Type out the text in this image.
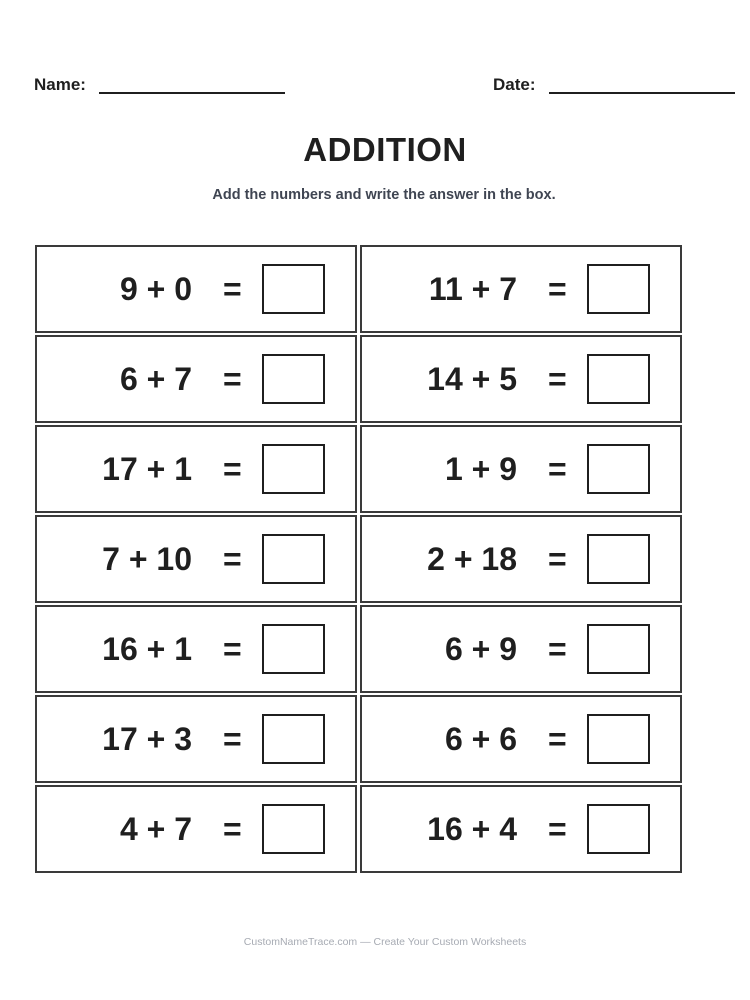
Name:	Date:
ADDITION
Add the numbers and write the answer in the box.
9 + 0 =	11 + 7 =
6 + 7 =	14 + 5 =
17 + 1 =	1 + 9 =
7 + 10 =	2 + 18 =
16 + 1 =	6 + 9 =
17 + 3 =	6 + 6 =
4 + 7 =	16 + 4 =
CustomNameTrace.com — Create Your Custom Worksheets
